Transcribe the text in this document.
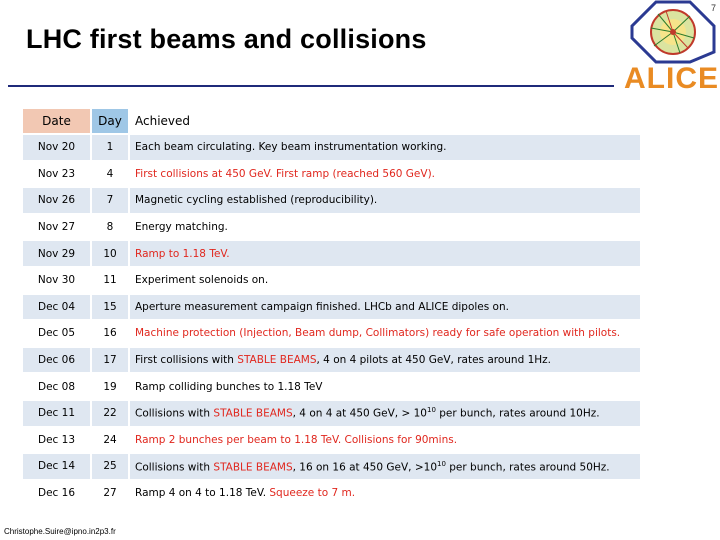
7
LHC first beams and collisions
ALICE
Date	Day	Achieved
Nov 20	1	Each beam circulating. Key beam instrumentation working.
Nov 23	4	First collisions at 450 GeV. First ramp (reached 560 GeV).
Nov 26	7	Magnetic cycling established (reproducibility).
Nov 27	8	Energy matching.
Nov 29	10	Ramp to 1.18 TeV.
Nov 30	11	Experiment solenoids on.
Dec 04	15	Aperture measurement campaign finished. LHCb and ALICE dipoles on.
Dec 05	16	Machine protection (Injection, Beam dump, Collimators) ready for safe operation with pilots.
Dec 06	17	First collisions with STABLE BEAMS, 4 on 4 pilots at 450 GeV, rates around 1Hz.
Dec 08	19	Ramp colliding bunches to 1.18 TeV
Dec 11	22	Collisions with STABLE BEAMS, 4 on 4 at 450 GeV, > $10^{10}$ per bunch, rates around 10Hz.
Dec 13	24	Ramp 2 bunches per beam to 1.18 TeV. Collisions for 90mins.
Dec 14	25	Collisions with STABLE BEAMS, 16 on 16 at 450 GeV, $>10^{10}$ per bunch, rates around 50Hz.
Dec 16	27	Ramp 4 on 4 to 1.18 TeV. Squeeze to 7 m.
Christophe.Suire@ipno.in2p3.fr
